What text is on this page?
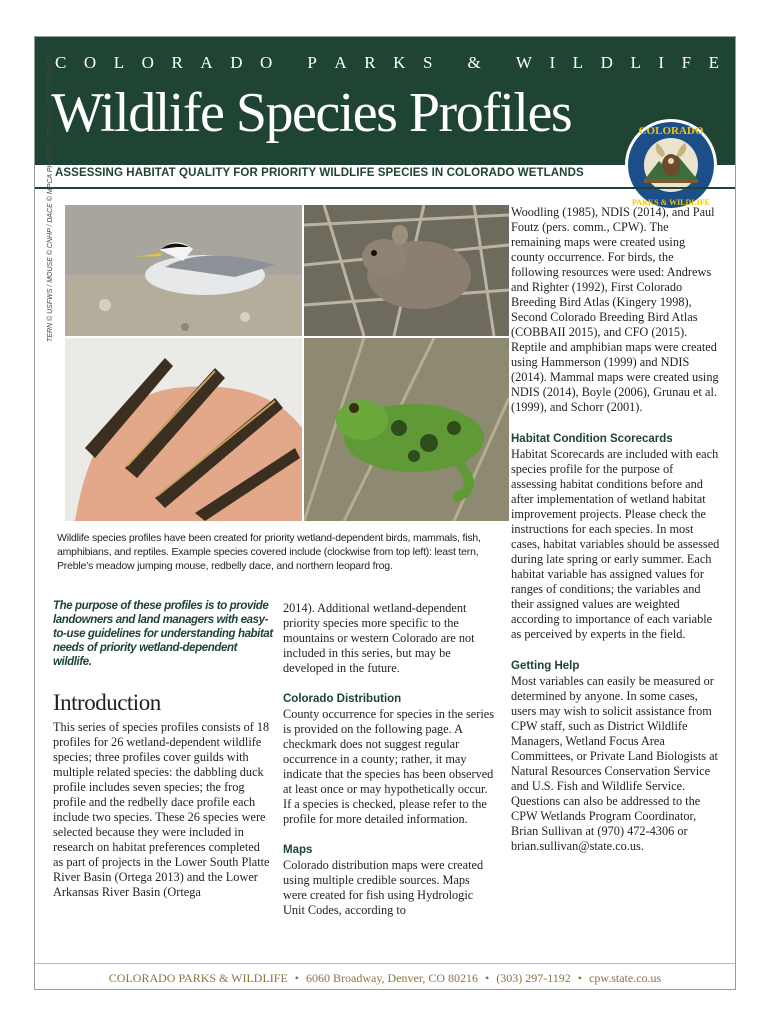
C O L O R A D O P A R K S & W I L D L I F E
Wildlife Species Profiles	COLORADO
PARKS & WILDLIFE
ASSESSING HABITAT QUALITY FOR PRIORITY WILDLIFE SPECIES IN COLORADO WETLANDS
TERN © USFWS / MOUSE © CNHP / DACE © MPCA PHOTOS / FROG © KEITH PENNER
Wildlife species profiles have been created for priority wetland-dependent birds, mammals, fish, amphibians, and reptiles. Example species covered include (clockwise from top left): least tern, Preble’s meadow jumping mouse, redbelly dace, and northern leopard frog.

The purpose of these profiles is to provide landowners and land managers with easy-to-use guidelines for understanding habitat needs of priority wetland-dependent wildlife.

Introduction

This series of species profiles consists of 18 profiles for 26 wetland-dependent wildlife species; three profiles cover guilds with multiple related species: the dabbling duck profile includes seven species; the frog profile and the redbelly dace profile each include two species. These 26 species were selected because they were included in research on habitat preferences completed as part of projects in the Lower South Platte River Basin (Ortega 2013) and the Lower Arkansas River Basin (Ortega

2014). Additional wetland-dependent priority species more specific to the mountains or western Colorado are not included in this series, but may be developed in the future.

Colorado Distribution

County occurrence for species in the series is provided on the following page. A checkmark does not suggest regular occurrence in a county; rather, it may indicate that the species has been observed at least once or may hypothetically occur. If a species is checked, please refer to the profile for more detailed information.

Maps

Colorado distribution maps were created using multiple credible sources. Maps were created for fish using Hydrologic Unit Codes, according to

Woodling (1985), NDIS (2014), and Paul Foutz (pers. comm., CPW). The remaining maps were created using county occurrence. For birds, the following resources were used: Andrews and Righter (1992), First Colorado Breeding Bird Atlas (Kingery 1998), Second Colorado Breeding Bird Atlas (COBBAII 2015), and CFO (2015). Reptile and amphibian maps were created using Hammerson (1999) and NDIS (2014). Mammal maps were created using NDIS (2014), Boyle (2006), Grunau et al. (1999), and Schorr (2001).

Habitat Condition Scorecards

Habitat Scorecards are included with each species profile for the purpose of assessing habitat conditions before and after implementation of wetland habitat improvement projects. Please check the instructions for each species. In most cases, habitat variables should be assessed during late spring or early summer. Each habitat variable has assigned values for ranges of conditions; the variables and their assigned values are weighted according to importance of each variable as perceived by experts in the field.

Getting Help

Most variables can easily be measured or determined by anyone. In some cases, users may wish to solicit assistance from CPW staff, such as District Wildlife Managers, Wetland Focus Area Committees, or Private Land Biologists at Natural Resources Conservation Service and U.S. Fish and Wildlife Service. Questions can also be addressed to the CPW Wetlands Program Coordinator, Brian Sullivan at (970) 472-4306 or brian.sullivan@state.co.us.

COLORADO PARKS & WILDLIFE • 6060 Broadway, Denver, CO 80216 • (303) 297-1192 • cpw.state.co.us
